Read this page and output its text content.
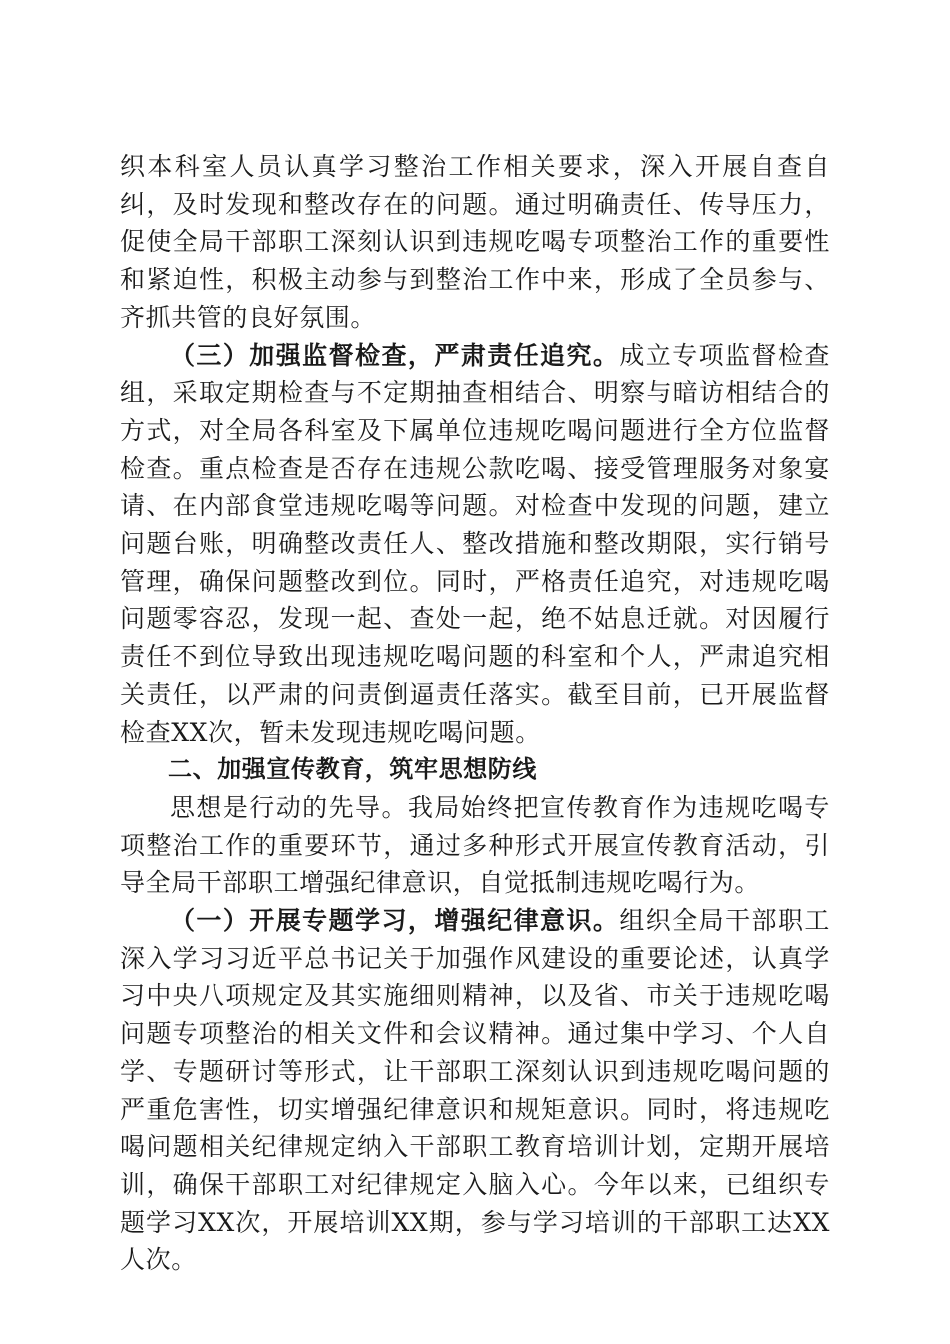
织本科室人员认真学习整治工作相关要求，深入开展自查自纠，及时发现和整改存在的问题。通过明确责任、传导压力，促使全局干部职工深刻认识到违规吃喝专项整治工作的重要性和紧迫性，积极主动参与到整治工作中来，形成了全员参与、齐抓共管的良好氛围。

（三）加强监督检查，严肃责任追究。成立专项监督检查组，采取定期检查与不定期抽查相结合、明察与暗访相结合的方式，对全局各科室及下属单位违规吃喝问题进行全方位监督检查。重点检查是否存在违规公款吃喝、接受管理服务对象宴请、在内部食堂违规吃喝等问题。对检查中发现的问题，建立问题台账，明确整改责任人、整改措施和整改期限，实行销号管理，确保问题整改到位。同时，严格责任追究，对违规吃喝问题零容忍，发现一起、查处一起，绝不姑息迁就。对因履行责任不到位导致出现违规吃喝问题的科室和个人，严肃追究相关责任，以严肃的问责倒逼责任落实。截至目前，已开展监督检查XX次，暂未发现违规吃喝问题。

二、加强宣传教育，筑牢思想防线

思想是行动的先导。我局始终把宣传教育作为违规吃喝专项整治工作的重要环节，通过多种形式开展宣传教育活动，引导全局干部职工增强纪律意识，自觉抵制违规吃喝行为。

（一）开展专题学习，增强纪律意识。组织全局干部职工深入学习习近平总书记关于加强作风建设的重要论述，认真学习中央八项规定及其实施细则精神，以及省、市关于违规吃喝问题专项整治的相关文件和会议精神。通过集中学习、个人自学、专题研讨等形式，让干部职工深刻认识到违规吃喝问题的严重危害性，切实增强纪律意识和规矩意识。同时，将违规吃喝问题相关纪律规定纳入干部职工教育培训计划，定期开展培训，确保干部职工对纪律规定入脑入心。今年以来，已组织专题学习XX次，开展培训XX期，参与学习培训的干部职工达XX人次。
